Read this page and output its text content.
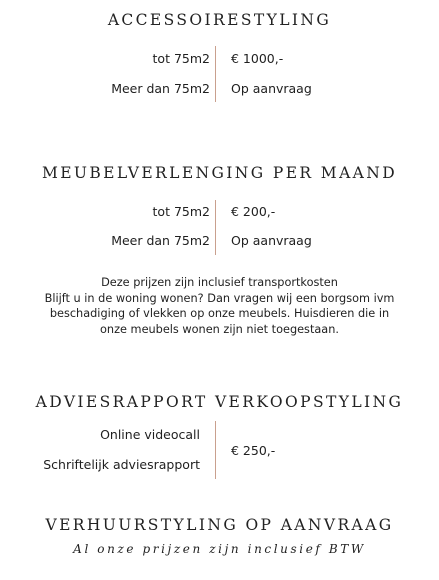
ACCESSOIRESTYLING
tot 75m2 € 1000,-
Meer dan 75m2 Op aanvraag
MEUBELVERLENGING PER MAAND
tot 75m2 € 200,-
Meer dan 75m2 Op aanvraag
Deze prijzen zijn inclusief transportkosten
Blijft u in de woning wonen? Dan vragen wij een borgsom ivm
beschadiging of vlekken op onze meubels. Huisdieren die in
onze meubels wonen zijn niet toegestaan.
ADVIESRAPPORT VERKOOPSTYLING
Online videocall
Schriftelijk adviesrapport
€ 250,-
VERHUURSTYLING OP AANVRAAG
Al onze prijzen zijn inclusief BTW
